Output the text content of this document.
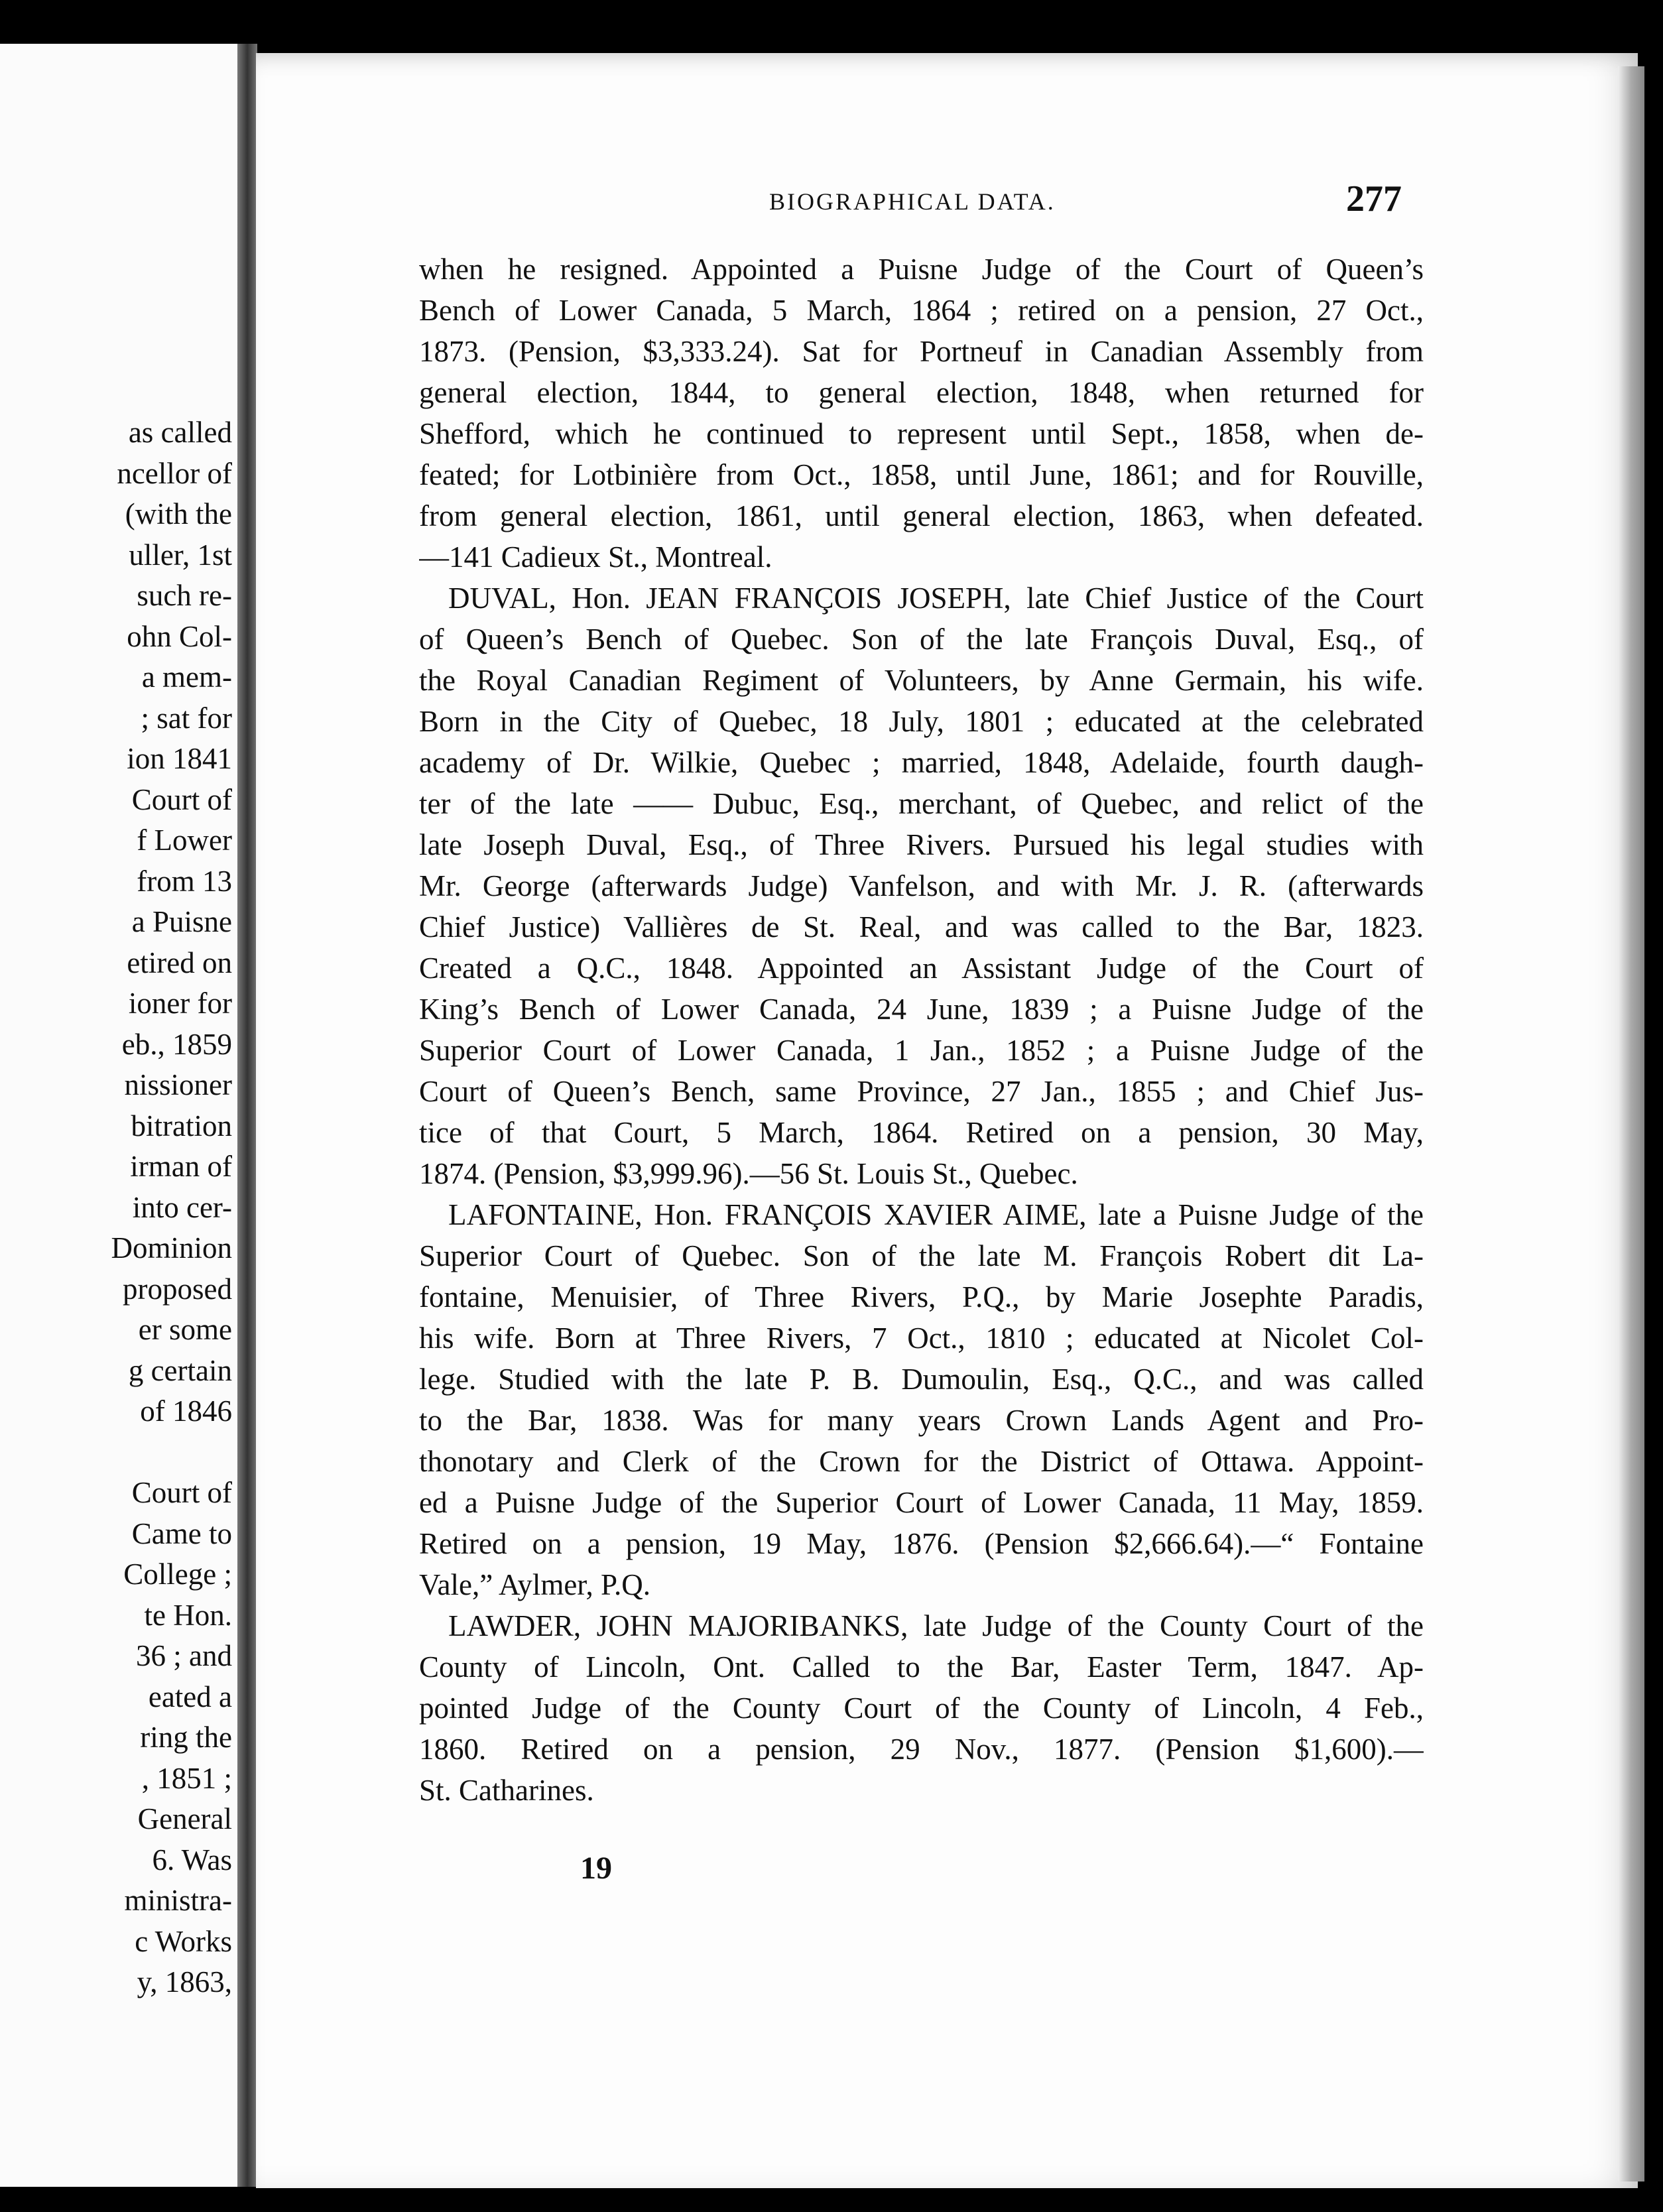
as called
ncellor of
(with the
uller, 1st
such re-
ohn Col-
a mem-
; sat for
ion 1841
Court of
f Lower
from 13
a Puisne
etired on
ioner for
eb., 1859
nissioner
bitration
irman of
into cer-
Dominion
proposed
er some
g certain
of 1846
Court of
Came to
College ;
te Hon.
36 ; and
eated a
ring the
, 1851 ;
General
6. Was
ministra-
c Works
y, 1863,
BIOGRAPHICAL DATA.	277
when he resigned. Appointed a Puisne Judge of the Court of Queen’s
Bench of Lower Canada, 5 March, 1864 ; retired on a pension, 27 Oct.,
1873. (Pension, $3,333.24). Sat for Portneuf in Canadian Assembly from
general election, 1844, to general election, 1848, when returned for
Shefford, which he continued to represent until Sept., 1858, when de-
feated; for Lotbinière from Oct., 1858, until June, 1861; and for Rouville,
from general election, 1861, until general election, 1863, when defeated.
—141 Cadieux St., Montreal.
DUVAL, Hon. JEAN FRANÇOIS JOSEPH, late Chief Justice of the Court
of Queen’s Bench of Quebec. Son of the late François Duval, Esq., of
the Royal Canadian Regiment of Volunteers, by Anne Germain, his wife.
Born in the City of Quebec, 18 July, 1801 ; educated at the celebrated
academy of Dr. Wilkie, Quebec ; married, 1848, Adelaide, fourth daugh-
ter of the late —— Dubuc, Esq., merchant, of Quebec, and relict of the
late Joseph Duval, Esq., of Three Rivers. Pursued his legal studies with
Mr. George (afterwards Judge) Vanfelson, and with Mr. J. R. (afterwards
Chief Justice) Vallières de St. Real, and was called to the Bar, 1823.
Created a Q.C., 1848. Appointed an Assistant Judge of the Court of
King’s Bench of Lower Canada, 24 June, 1839 ; a Puisne Judge of the
Superior Court of Lower Canada, 1 Jan., 1852 ; a Puisne Judge of the
Court of Queen’s Bench, same Province, 27 Jan., 1855 ; and Chief Jus-
tice of that Court, 5 March, 1864. Retired on a pension, 30 May,
1874. (Pension, $3,999.96).—56 St. Louis St., Quebec.
LAFONTAINE, Hon. FRANÇOIS XAVIER AIME, late a Puisne Judge of the
Superior Court of Quebec. Son of the late M. François Robert dit La-
fontaine, Menuisier, of Three Rivers, P.Q., by Marie Josephte Paradis,
his wife. Born at Three Rivers, 7 Oct., 1810 ; educated at Nicolet Col-
lege. Studied with the late P. B. Dumoulin, Esq., Q.C., and was called
to the Bar, 1838. Was for many years Crown Lands Agent and Pro-
thonotary and Clerk of the Crown for the District of Ottawa. Appoint-
ed a Puisne Judge of the Superior Court of Lower Canada, 11 May, 1859.
Retired on a pension, 19 May, 1876. (Pension $2,666.64).—“ Fontaine
Vale,” Aylmer, P.Q.
LAWDER, JOHN MAJORIBANKS, late Judge of the County Court of the
County of Lincoln, Ont. Called to the Bar, Easter Term, 1847. Ap-
pointed Judge of the County Court of the County of Lincoln, 4 Feb.,
1860. Retired on a pension, 29 Nov., 1877. (Pension $1,600).—
St. Catharines.
19
